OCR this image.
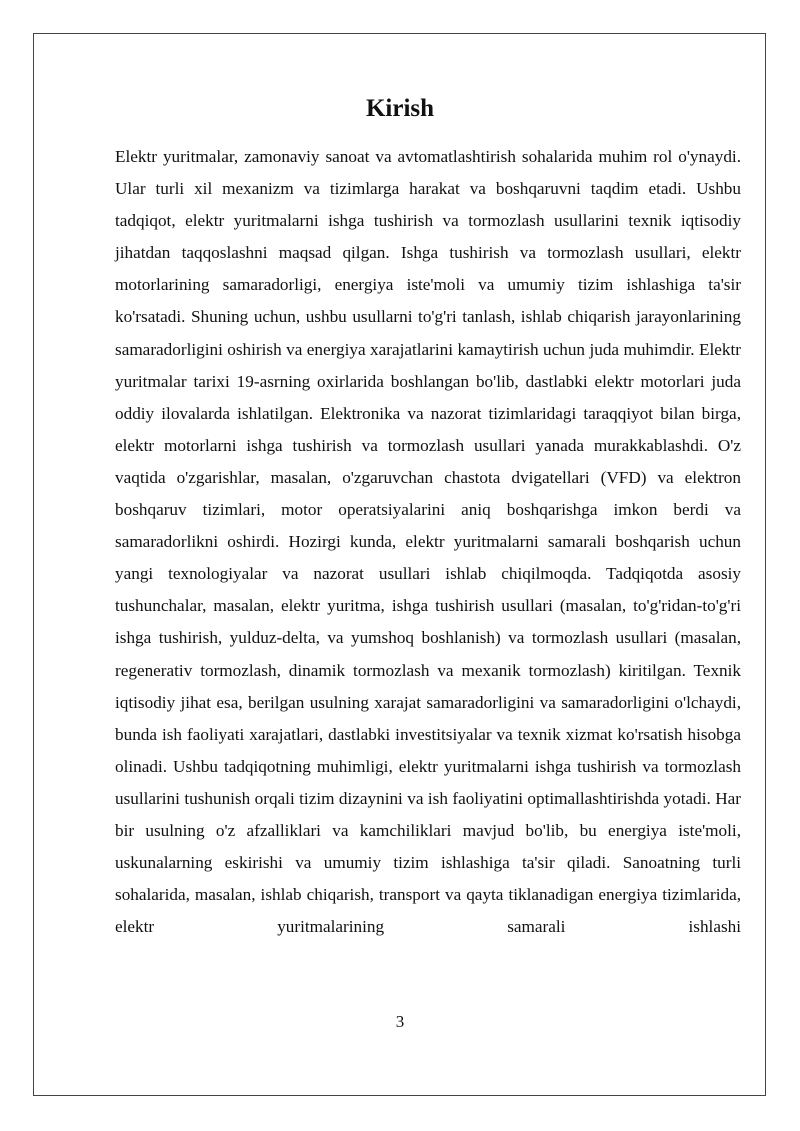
Kirish

Elektr yuritmalar, zamonaviy sanoat va avtomatlashtirish sohalarida muhim rol o'ynaydi. Ular turli xil mexanizm va tizimlarga harakat va boshqaruvni taqdim etadi. Ushbu tadqiqot, elektr yuritmalarni ishga tushirish va tormozlash usullarini texnik iqtisodiy jihatdan taqqoslashni maqsad qilgan. Ishga tushirish va tormozlash usullari, elektr motorlarining samaradorligi, energiya iste'moli va umumiy tizim ishlashiga ta'sir ko'rsatadi. Shuning uchun, ushbu usullarni to'g'ri tanlash, ishlab chiqarish jarayonlarining samaradorligini oshirish va energiya xarajatlarini kamaytirish uchun juda muhimdir. Elektr yuritmalar tarixi 19-asrning oxirlarida boshlangan bo'lib, dastlabki elektr motorlari juda oddiy ilovalarda ishlatilgan. Elektronika va nazorat tizimlaridagi taraqqiyot bilan birga, elektr motorlarni ishga tushirish va tormozlash usullari yanada murakkablashdi. O'z vaqtida o'zgarishlar, masalan, o'zgaruvchan chastota dvigatellari (VFD) va elektron boshqaruv tizimlari, motor operatsiyalarini aniq boshqarishga imkon berdi va samaradorlikni oshirdi. Hozirgi kunda, elektr yuritmalarni samarali boshqarish uchun yangi texnologiyalar va nazorat usullari ishlab chiqilmoqda. Tadqiqotda asosiy tushunchalar, masalan, elektr yuritma, ishga tushirish usullari (masalan, to'g'ridan-to'g'ri ishga tushirish, yulduz-delta, va yumshoq boshlanish) va tormozlash usullari (masalan, regenerativ tormozlash, dinamik tormozlash va mexanik tormozlash) kiritilgan. Texnik iqtisodiy jihat esa, berilgan usulning xarajat samaradorligini va samaradorligini o'lchaydi, bunda ish faoliyati xarajatlari, dastlabki investitsiyalar va texnik xizmat ko'rsatish hisobga olinadi. Ushbu tadqiqotning muhimligi, elektr yuritmalarni ishga tushirish va tormozlash usullarini tushunish orqali tizim dizaynini va ish faoliyatini optimallashtirishda yotadi. Har bir usulning o'z afzalliklari va kamchiliklari mavjud bo'lib, bu energiya iste'moli, uskunalarning eskirishi va umumiy tizim ishlashiga ta'sir qiladi. Sanoatning turli sohalarida, masalan, ishlab chiqarish, transport va qayta tiklanadigan energiya tizimlarida, elektr yuritmalarining samarali ishlashi

3
